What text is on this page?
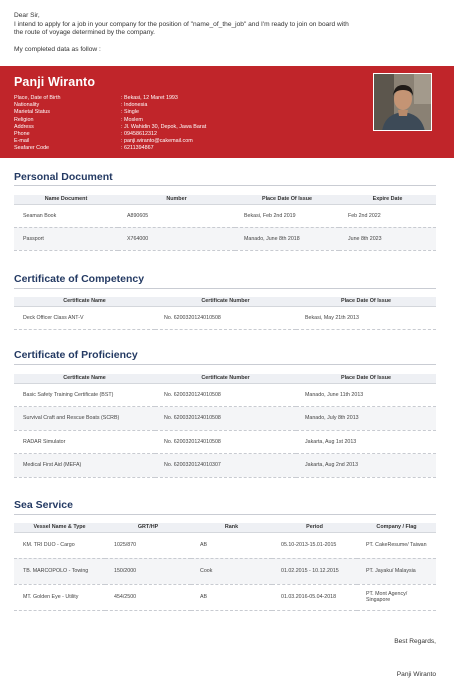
Dear Sir,

I intend to apply for a job in your company for the position of "name_of_the_job" and I'm ready to join on board with

the route of voyage determined by the company.

My completed data as follow :

Panji Wiranto
Place, Date of Birth	: Bekasi, 12 Maret 1993
Nationality	: Indonesia
Marietal Status	: Single
Religion	: Moslem
Address	: Jl. Wahidin 30, Depok, Jawa Barat
Phone	: 09458612312
E-mail	: panji.wiranto@cakemail.com
Seafarer Code	: 6211394867
Personal Document
Name Document	Number	Place Date Of Issue	Expire Date
Seaman Book	A890605	Bekasi, Feb 2nd 2019	Feb 2nd 2022
Passport	X764000	Manado, June 8th 2018	June 8th 2023
Certificate of Competency
Certificate Name	Certificate Number	Place Date Of Issue
Deck Officer Class ANT-V	No. 6200320124010508	Bekasi, May 21th 2013
Certificate of Proficiency
Certificate Name	Certificate Number	Place Date Of Issue
Basic Safety Training Certificate (BST)	No. 6200320124010508	Manado, June 11th 2013
Survival Craft and Rescue Boats (SCRB)	No. 6200320124010508	Manado, July 8th 2013
RADAR Simulator	No. 6200320124010508	Jakarta, Aug 1st 2013
Medical First Aid (MEFA)	No. 6200320124010307	Jakarta, Aug 2nd 2013
Sea Service
Vessel Name & Type	GRT/HP	Rank	Period	Company / Flag
KM. TRI DUO - Cargo	1025/870	AB	05.10-2013-15.01-2015	PT. CakeResume/ Taiwan
TB. MARCOPOLO - Towing	150/2000	Cook	01.02.2015 - 10.12.2015	PT. Jayaku/ Malaysia
MT. Golden Eye - Utility	454/2500	AB	01.03.2016-05.04-2018	PT. Mont Agency/ Singapore
Best Regards,
Panji Wiranto
